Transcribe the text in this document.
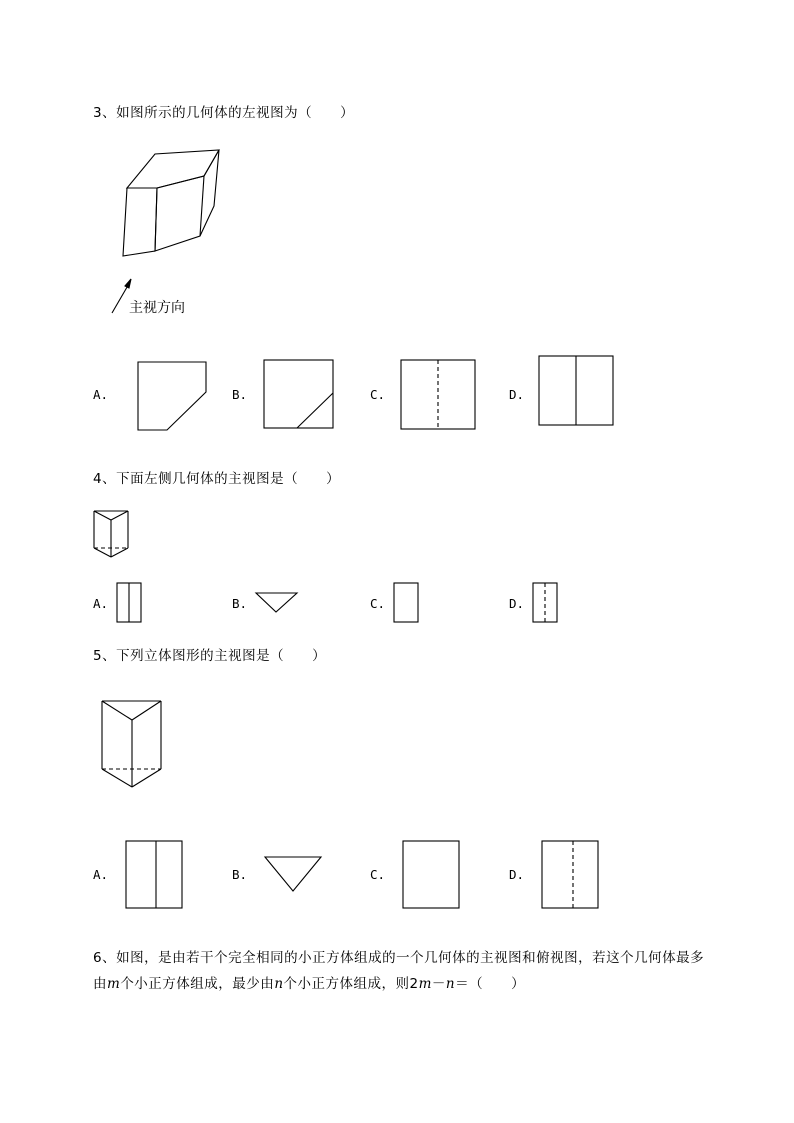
3、如图所示的几何体的左视图为（　　）
主视方向
A.	B.	C.	D.
4、下面左侧几何体的主视图是（　　）
A.	B.	C.	D.
5、下列立体图形的主视图是（　　）
A.	B.	C.	D.
6、如图，是由若干个完全相同的小正方体组成的一个几何体的主视图和俯视图，若这个几何体最多
由m个小正方体组成，最少由n个小正方体组成，则2m－n＝（　　）
